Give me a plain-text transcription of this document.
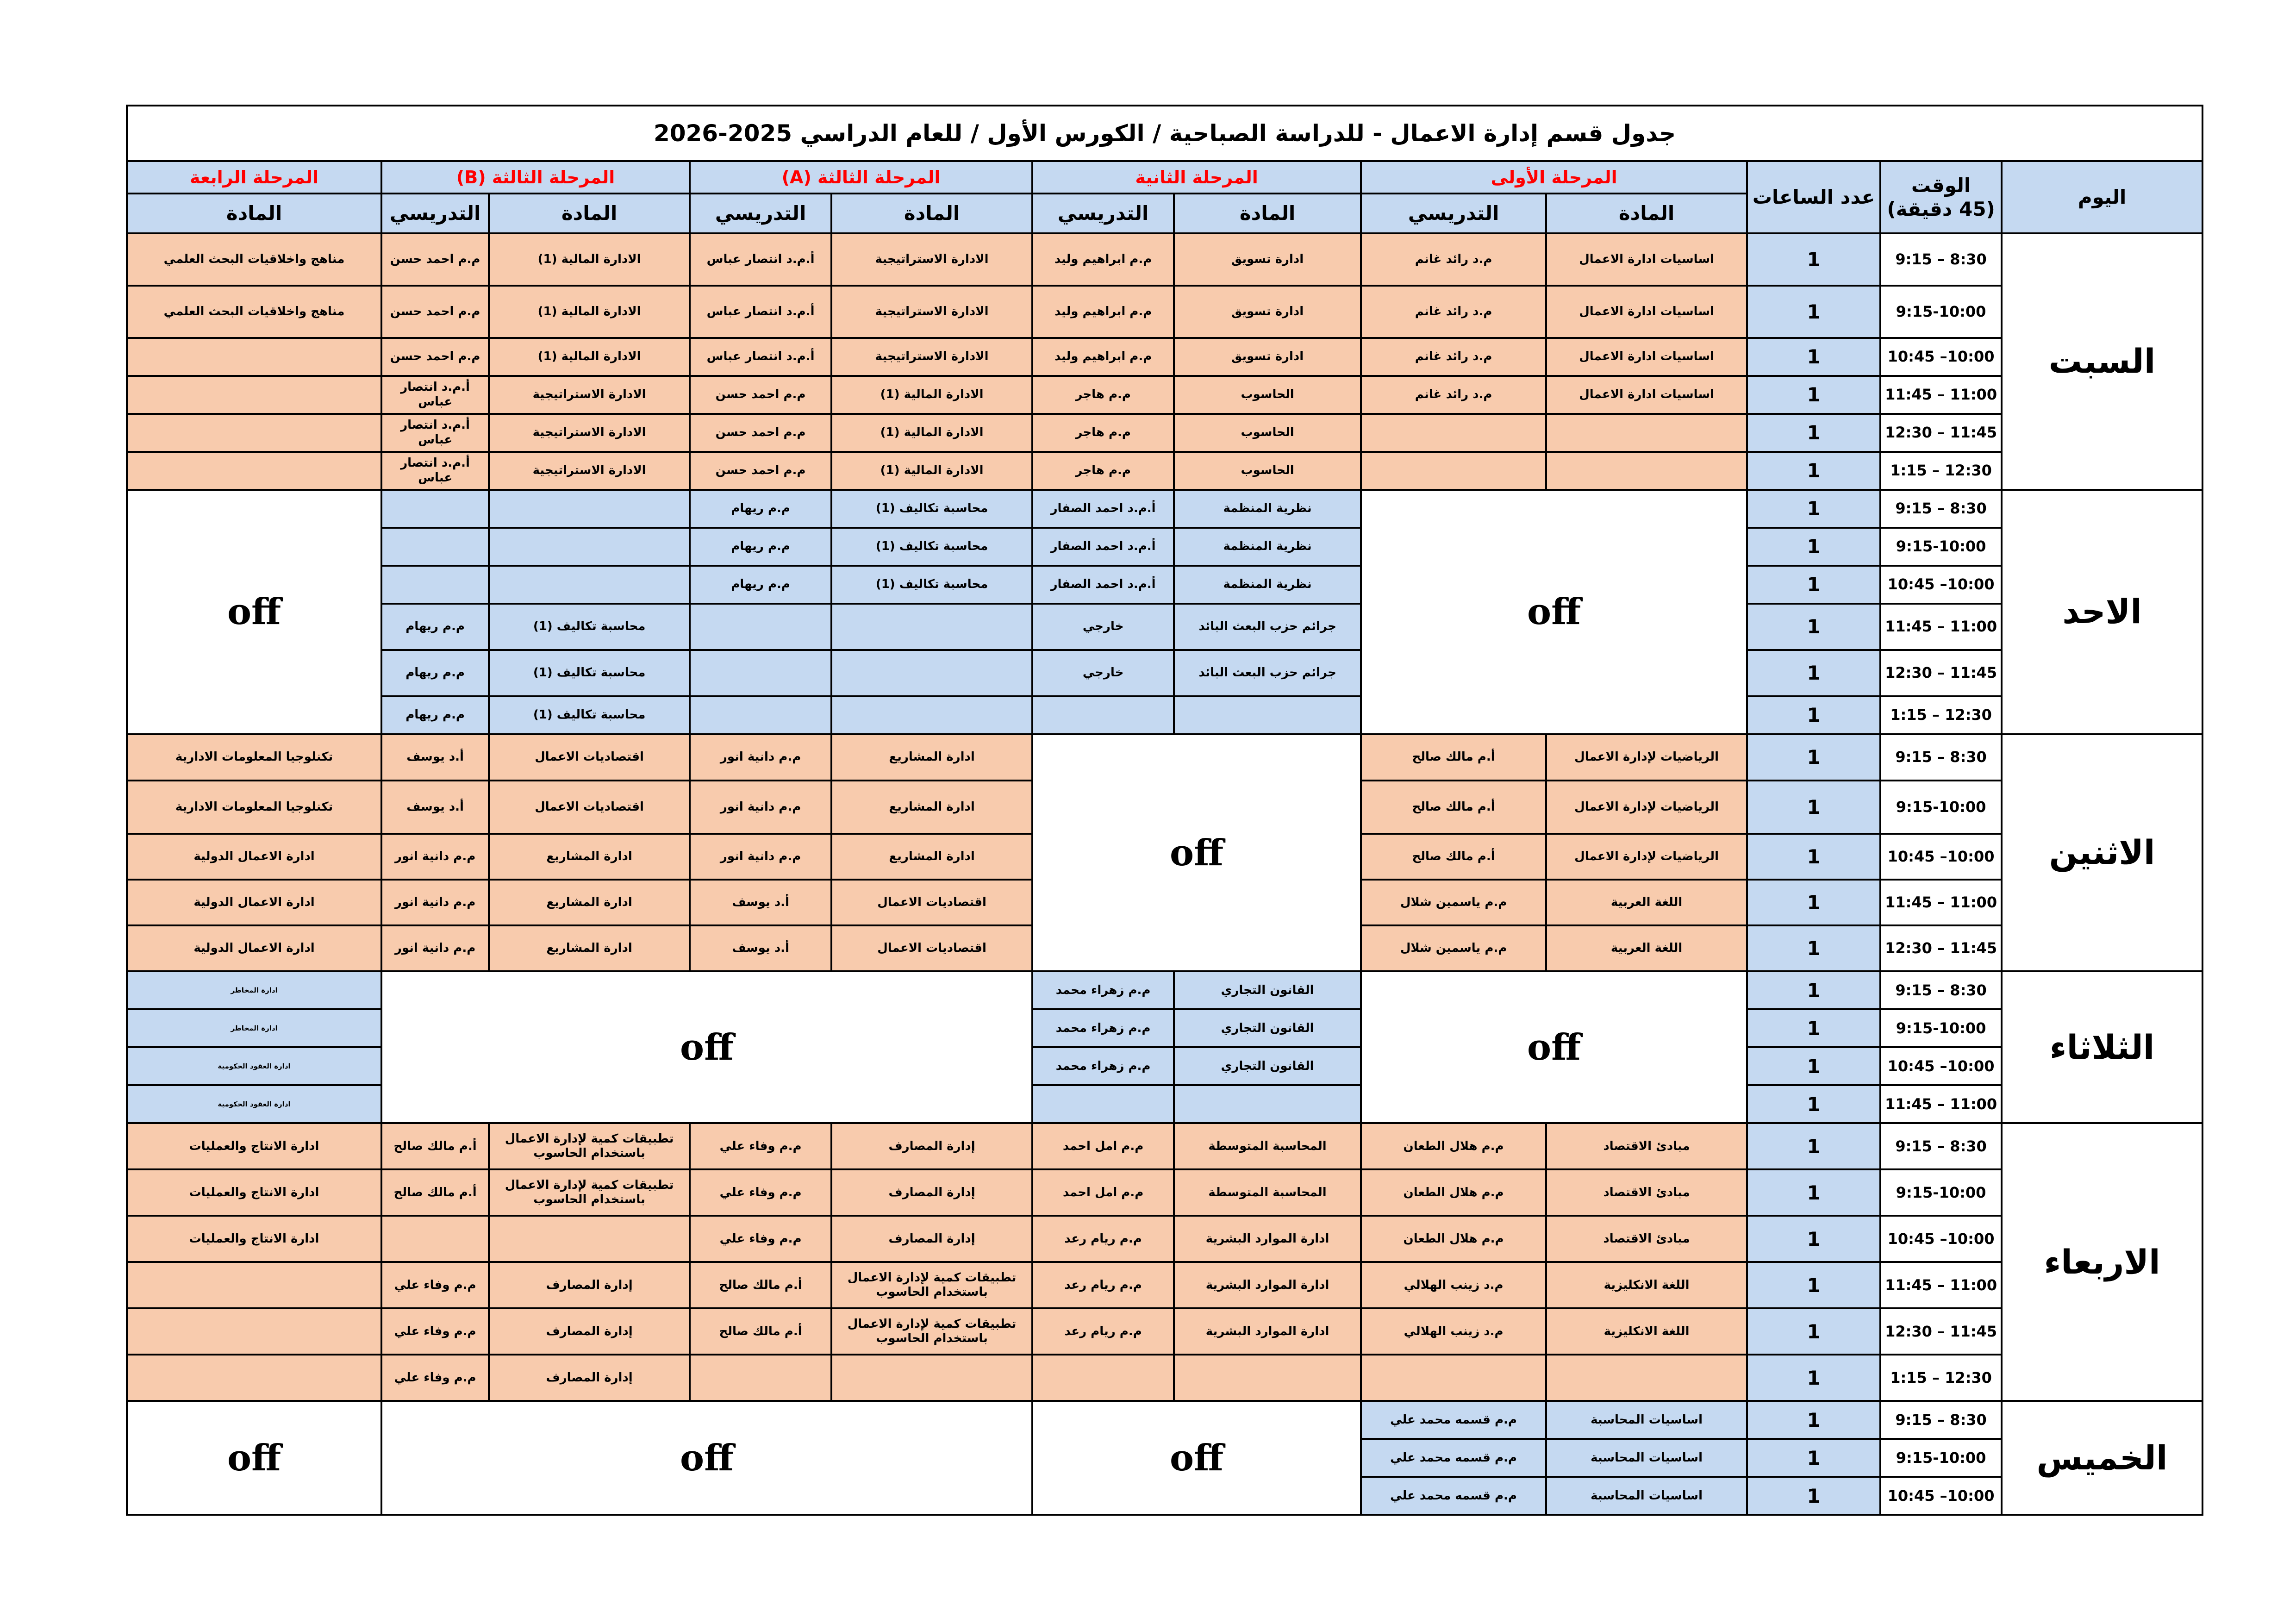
جدول قسم إدارة الاعمال - للدراسة الصباحية / الكورس الأول / للعام الدراسي 2025-2026												
اليوم	الوقت
(45 دقيقة)	عدد الساعات	المرحلة الأولى		المرحلة الثانية		المرحلة الثالثة (A)		المرحلة الثالثة (B)		المرحلة الرابعة	
			المادة	التدريسي	المادة	التدريسي	المادة	التدريسي	المادة	التدريسي	المادة	
السبت	8:30 – 9:15	1	اساسيات ادارة الاعمال	م.د رائد غانم	ادارة تسويق	م.م ابراهيم وليد	الادارة الاستراتيجية	أ.م.د انتصار عباس	الادارة المالية (1)	م.م احمد حسن	مناهج واخلاقيات البحث العلمي	
	9:15-10:00	1	اساسيات ادارة الاعمال	م.د رائد غانم	ادارة تسويق	م.م ابراهيم وليد	الادارة الاستراتيجية	أ.م.د انتصار عباس	الادارة المالية (1)	م.م احمد حسن	مناهج واخلاقيات البحث العلمي	
	10:00– 10:45	1	اساسيات ادارة الاعمال	م.د رائد غانم	ادارة تسويق	م.م ابراهيم وليد	الادارة الاستراتيجية	أ.م.د انتصار عباس	الادارة المالية (1)	م.م احمد حسن		
	11:00 – 11:45	1	اساسيات ادارة الاعمال	م.د رائد غانم	الحاسوب	م.م هاجر	الادارة المالية (1)	م.م احمد حسن	الادارة الاستراتيجية	أ.م.د انتصار عباس		
	11:45 – 12:30	1			الحاسوب	م.م هاجر	الادارة المالية (1)	م.م احمد حسن	الادارة الاستراتيجية	أ.م.د انتصار عباس		
	12:30 – 1:15	1			الحاسوب	م.م هاجر	الادارة المالية (1)	م.م احمد حسن	الادارة الاستراتيجية	أ.م.د انتصار عباس		
الاحد	8:30 – 9:15	1	off		نظرية المنظمة	أ.م.د احمد الصفار	محاسبة تكاليف (1)	م.م ريهام			off	
	9:15-10:00	1			نظرية المنظمة	أ.م.د احمد الصفار	محاسبة تكاليف (1)	م.م ريهام				
	10:00– 10:45	1			نظرية المنظمة	أ.م.د احمد الصفار	محاسبة تكاليف (1)	م.م ريهام				
	11:00 – 11:45	1			جرائم حزب البعث البائد	خارجي			محاسبة تكاليف (1)	م.م ريهام		
	11:45 – 12:30	1			جرائم حزب البعث البائد	خارجي			محاسبة تكاليف (1)	م.م ريهام		
	12:30 – 1:15	1							محاسبة تكاليف (1)	م.م ريهام		
الاثنين	8:30 – 9:15	1	الرياضيات لإدارة الاعمال	أ.م مالك صالح	off		ادارة المشاريع	م.م دانية انور	اقتصاديات الاعمال	أ.د يوسف	تكنلوجيا المعلومات الادارية	
	9:15-10:00	1	الرياضيات لإدارة الاعمال	أ.م مالك صالح			ادارة المشاريع	م.م دانية انور	اقتصاديات الاعمال	أ.د يوسف	تكنلوجيا المعلومات الادارية	
	10:00– 10:45	1	الرياضيات لإدارة الاعمال	أ.م مالك صالح			ادارة المشاريع	م.م دانية انور	ادارة المشاريع	م.م دانية انور	ادارة الاعمال الدولية	
	11:00 – 11:45	1	اللغة العربية	م.م ياسمين شلال			اقتصاديات الاعمال	أ.د يوسف	ادارة المشاريع	م.م دانية انور	ادارة الاعمال الدولية	
	11:45 – 12:30	1	اللغة العربية	م.م ياسمين شلال			اقتصاديات الاعمال	أ.د يوسف	ادارة المشاريع	م.م دانية انور	ادارة الاعمال الدولية	
الثلاثاء	8:30 – 9:15	1	off		القانون التجاري	م.م زهراء محمد	off				ادارة المخاطر	
	9:15-10:00	1			القانون التجاري	م.م زهراء محمد					ادارة المخاطر	
	10:00– 10:45	1			القانون التجاري	م.م زهراء محمد					ادارة العقود الحكومية	
	11:00 – 11:45	1									ادارة العقود الحكومية	
الاربعاء	8:30 – 9:15	1	مبادئ الاقتصاد	م.م هلال الطعان	المحاسبة المتوسطة	م.م امل احمد	إدارة المصارف	م.م وفاء علي	تطبيقات كمية لإدارة الاعمال باستخدام الحاسوب	أ.م مالك صالح	ادارة الانتاج والعمليات	
	9:15-10:00	1	مبادئ الاقتصاد	م.م هلال الطعان	المحاسبة المتوسطة	م.م امل احمد	إدارة المصارف	م.م وفاء علي	تطبيقات كمية لإدارة الاعمال باستخدام الحاسوب	أ.م مالك صالح	ادارة الانتاج والعمليات	
	10:00– 10:45	1	مبادئ الاقتصاد	م.م هلال الطعان	ادارة الموارد البشرية	م.م ريام رعد	إدارة المصارف	م.م وفاء علي			ادارة الانتاج والعمليات	
	11:00 – 11:45	1	اللغة الانكليزية	م.د زينب الهلالي	ادارة الموارد البشرية	م.م ريام رعد	تطبيقات كمية لإدارة الاعمال باستخدام الحاسوب	أ.م مالك صالح	إدارة المصارف	م.م وفاء علي		
	11:45 – 12:30	1	اللغة الانكليزية	م.د زينب الهلالي	ادارة الموارد البشرية	م.م ريام رعد	تطبيقات كمية لإدارة الاعمال باستخدام الحاسوب	أ.م مالك صالح	إدارة المصارف	م.م وفاء علي		
	12:30 – 1:15	1							إدارة المصارف	م.م وفاء علي		
الخميس	8:30 – 9:15	1	اساسيات المحاسبة	م.م قسمه محمد علي	off		off				off	
	9:15-10:00	1	اساسيات المحاسبة	م.م قسمه محمد علي								
	10:00– 10:45	1	اساسيات المحاسبة	م.م قسمه محمد علي								
